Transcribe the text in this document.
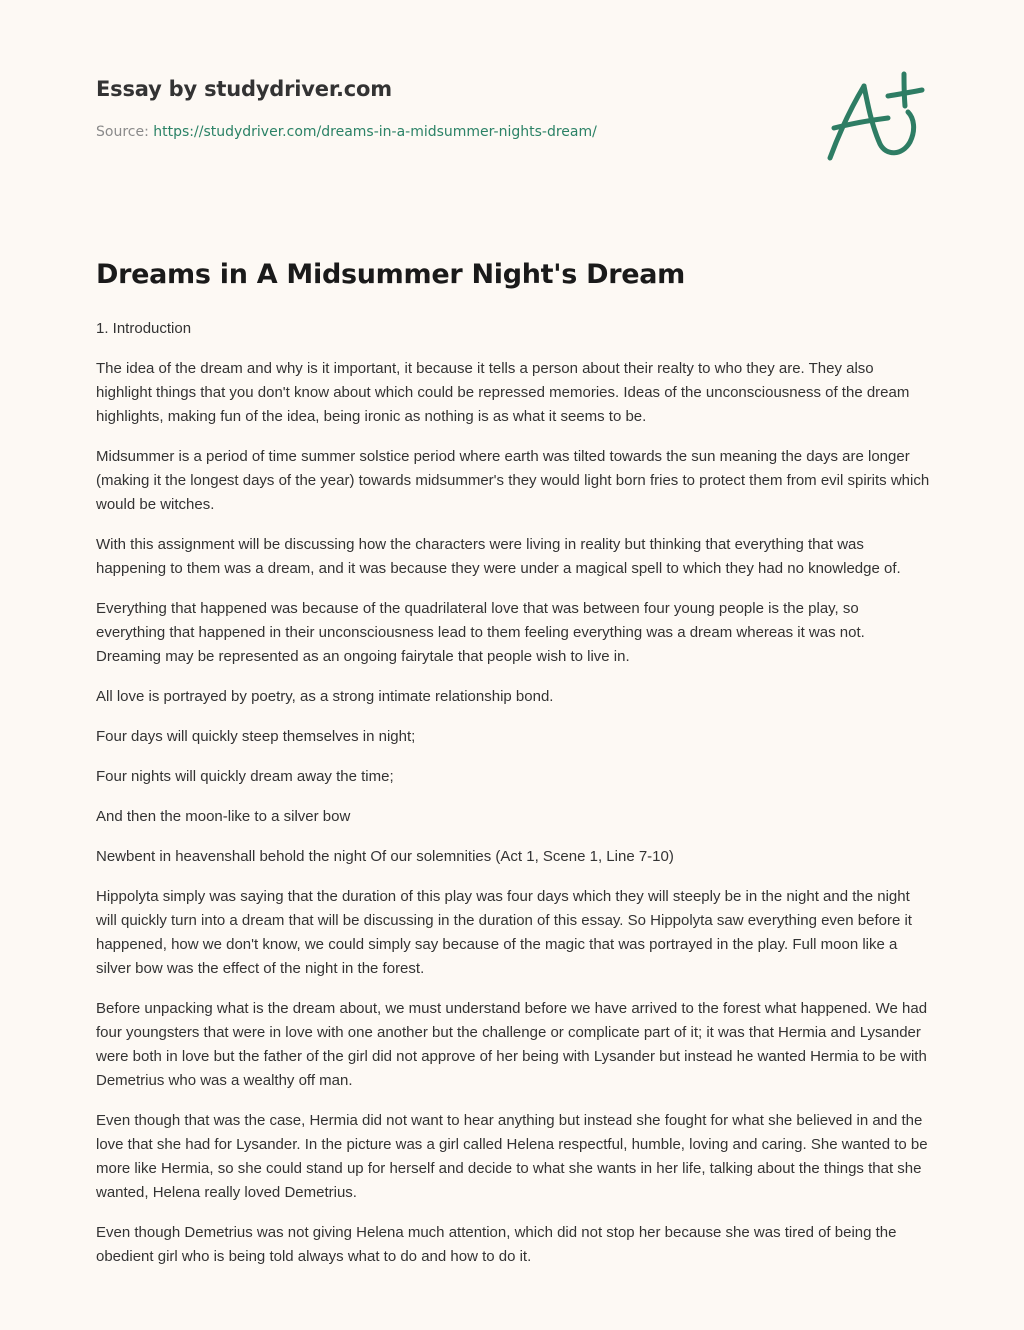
Essay by studydriver.com
Source: https://studydriver.com/dreams-in-a-midsummer-nights-dream/
Dreams in A Midsummer Night's Dream

1. Introduction

The idea of the dream and why is it important, it because it tells a person about their realty to who they are. They also highlight things that you don't know about which could be repressed memories. Ideas of the unconsciousness of the dream highlights, making fun of the idea, being ironic as nothing is as what it seems to be.

Midsummer is a period of time summer solstice period where earth was tilted towards the sun meaning the days are longer (making it the longest days of the year) towards midsummer's they would light born fries to protect them from evil spirits which would be witches.

With this assignment will be discussing how the characters were living in reality but thinking that everything that was happening to them was a dream, and it was because they were under a magical spell to which they had no knowledge of.

Everything that happened was because of the quadrilateral love that was between four young people is the play, so everything that happened in their unconsciousness lead to them feeling everything was a dream whereas it was not. Dreaming may be represented as an ongoing fairytale that people wish to live in.

All love is portrayed by poetry, as a strong intimate relationship bond.

Four days will quickly steep themselves in night;

Four nights will quickly dream away the time;

And then the moon-like to a silver bow

Newbent in heavenshall behold the night Of our solemnities (Act 1, Scene 1, Line 7-10)

Hippolyta simply was saying that the duration of this play was four days which they will steeply be in the night and the night will quickly turn into a dream that will be discussing in the duration of this essay. So Hippolyta saw everything even before it happened, how we don't know, we could simply say because of the magic that was portrayed in the play. Full moon like a silver bow was the effect of the night in the forest.

Before unpacking what is the dream about, we must understand before we have arrived to the forest what happened. We had four youngsters that were in love with one another but the challenge or complicate part of it; it was that Hermia and Lysander were both in love but the father of the girl did not approve of her being with Lysander but instead he wanted Hermia to be with Demetrius who was a wealthy off man.

Even though that was the case, Hermia did not want to hear anything but instead she fought for what she believed in and the love that she had for Lysander. In the picture was a girl called Helena respectful, humble, loving and caring. She wanted to be more like Hermia, so she could stand up for herself and decide to what she wants in her life, talking about the things that she wanted, Helena really loved Demetrius.

Even though Demetrius was not giving Helena much attention, which did not stop her because she was tired of being the obedient girl who is being told always what to do and how to do it.
